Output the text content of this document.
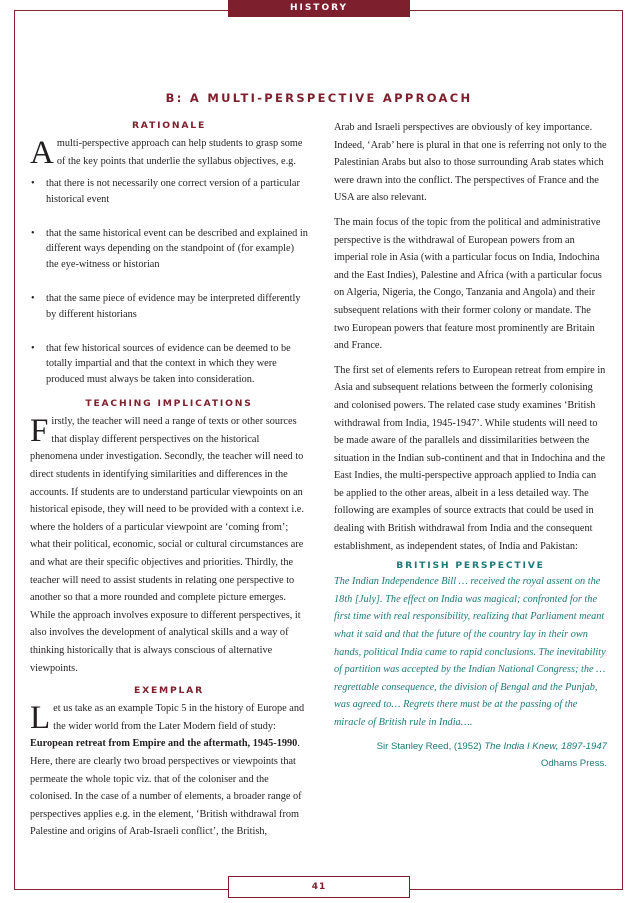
HISTORY
B: A MULTI-PERSPECTIVE APPROACH
RATIONALE

Amulti-perspective approach can help students to grasp some of the key points that underlie the syllabus objectives, e.g.

• that there is not necessarily one correct version of a particular historical event
• that the same historical event can be described and explained in different ways depending on the standpoint of (for example) the eye-witness or historian
• that the same piece of evidence may be interpreted differently by different historians
• that few historical sources of evidence can be deemed to be totally impartial and that the context in which they were produced must always be taken into consideration.
TEACHING IMPLICATIONS

Firstly, the teacher will need a range of texts or other sources that display different perspectives on the historical phenomena under investigation. Secondly, the teacher will need to direct students in identifying similarities and differences in the accounts. If students are to understand particular viewpoints on an historical episode, they will need to be provided with a context i.e. where the holders of a particular viewpoint are ‘coming from’; what their political, economic, social or cultural circumstances are and what are their specific objectives and priorities. Thirdly, the teacher will need to assist students in relating one perspective to another so that a more rounded and complete picture emerges. While the approach involves exposure to different perspectives, it also involves the development of analytical skills and a way of thinking historically that is always conscious of alternative viewpoints.

EXEMPLAR

Let us take as an example Topic 5 in the history of Europe and the wider world from the Later Modern field of study: European retreat from Empire and the aftermath, 1945-1990. Here, there are clearly two broad perspectives or viewpoints that permeate the whole topic viz. that of the coloniser and the colonised. In the case of a number of elements, a broader range of perspectives applies e.g. in the element, ‘British withdrawal from Palestine and origins of Arab-Israeli conflict’, the British,

Arab and Israeli perspectives are obviously of key importance. Indeed, ‘Arab’ here is plural in that one is referring not only to the Palestinian Arabs but also to those surrounding Arab states which were drawn into the conflict. The perspectives of France and the USA are also relevant.

The main focus of the topic from the political and administrative perspective is the withdrawal of European powers from an imperial role in Asia (with a particular focus on India, Indochina and the East Indies), Palestine and Africa (with a particular focus on Algeria, Nigeria, the Congo, Tanzania and Angola) and their subsequent relations with their former colony or mandate. The two European powers that feature most prominently are Britain and France.

The first set of elements refers to European retreat from empire in Asia and subsequent relations between the formerly colonising and colonised powers. The related case study examines ‘British withdrawal from India, 1945-1947’. While students will need to be made aware of the parallels and dissimilarities between the situation in the Indian sub-continent and that in Indochina and the East Indies, the multi-perspective approach applied to India can be applied to the other areas, albeit in a less detailed way. The following are examples of source extracts that could be used in dealing with British withdrawal from India and the consequent establishment, as independent states, of India and Pakistan:

BRITISH PERSPECTIVE

The Indian Independence Bill … received the royal assent on the 18th [July]. The effect on India was magical; confronted for the first time with real responsibility, realizing that Parliament meant what it said and that the future of the country lay in their own hands, political India came to rapid conclusions. The inevitability of partition was accepted by the Indian National Congress; the … regrettable consequence, the division of Bengal and the Punjab, was agreed to… Regrets there must be at the passing of the miracle of British rule in India….

Sir Stanley Reed, (1952) The India I Knew, 1897-1947
Odhams Press.
41
